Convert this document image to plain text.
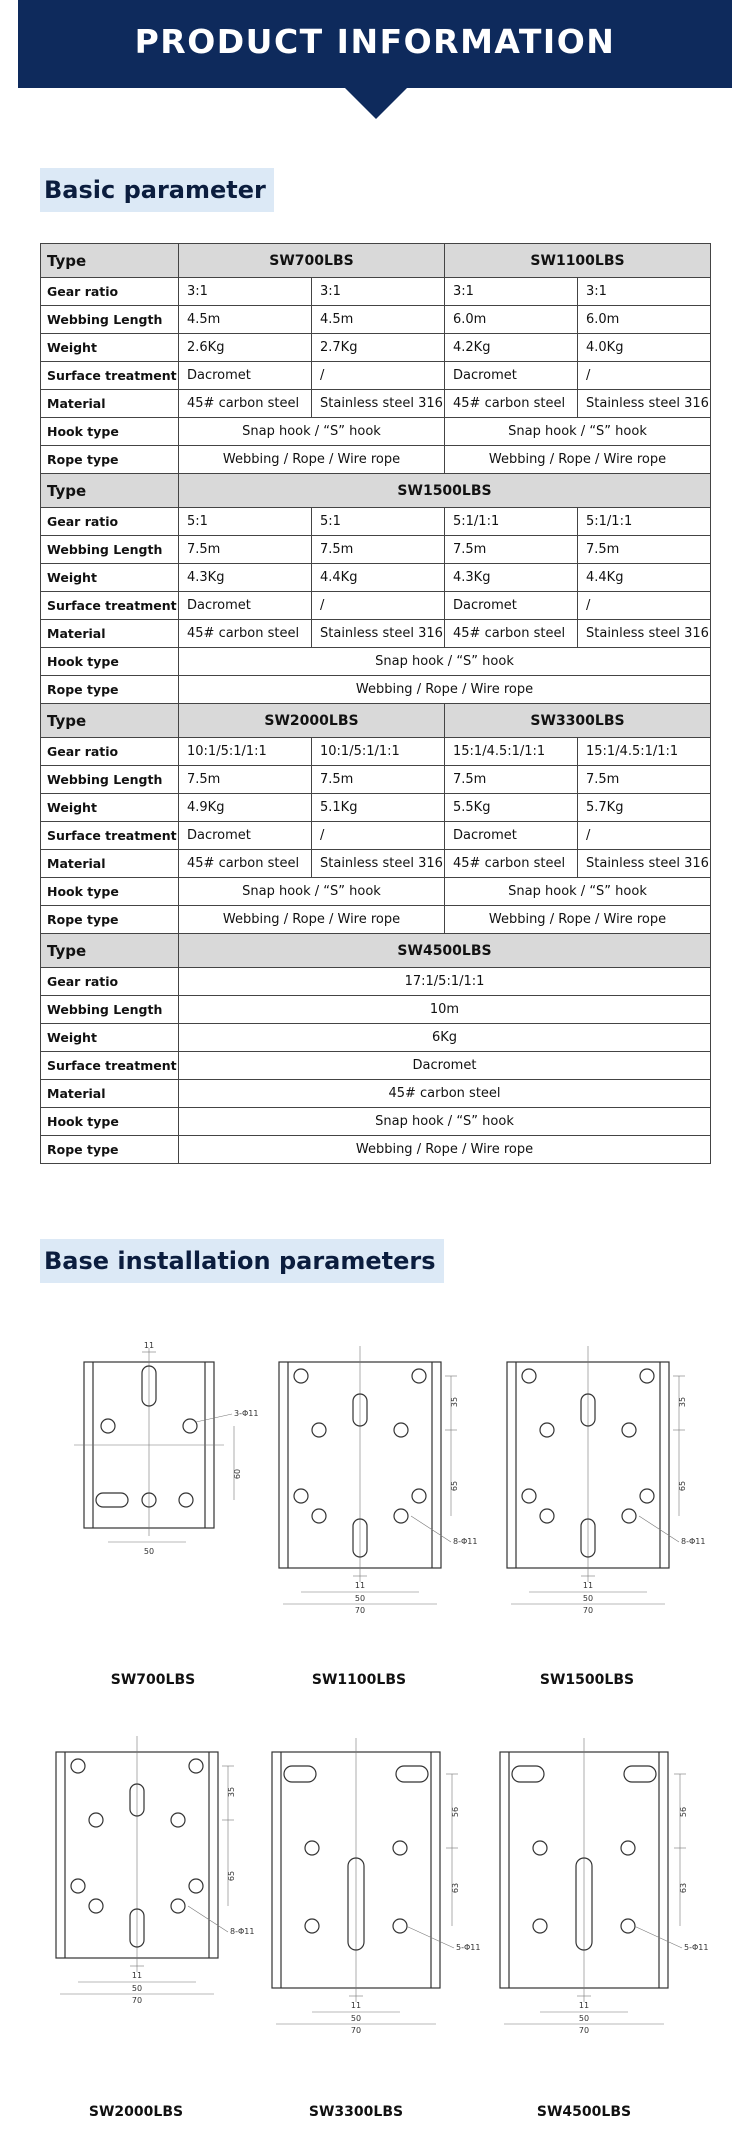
PRODUCT INFORMATION
Basic parameter
Type	SW700LBS		SW1100LBS	
Gear ratio	3:1	3:1	3:1	3:1
Webbing Length	4.5m	4.5m	6.0m	6.0m
Weight	2.6Kg	2.7Kg	4.2Kg	4.0Kg
Surface treatment	Dacromet	/	Dacromet	/
Material	45# carbon steel	Stainless steel 316	45# carbon steel	Stainless steel 316
Hook type	Snap hook / “S” hook		Snap hook / “S” hook	
Rope type	Webbing / Rope / Wire rope		Webbing / Rope / Wire rope	
Type	SW1500LBS			
Gear ratio	5:1	5:1	5:1/1:1	5:1/1:1
Webbing Length	7.5m	7.5m	7.5m	7.5m
Weight	4.3Kg	4.4Kg	4.3Kg	4.4Kg
Surface treatment	Dacromet	/	Dacromet	/
Material	45# carbon steel	Stainless steel 316	45# carbon steel	Stainless steel 316
Hook type	Snap hook / “S” hook			
Rope type	Webbing / Rope / Wire rope			
Type	SW2000LBS		SW3300LBS	
Gear ratio	10:1/5:1/1:1	10:1/5:1/1:1	15:1/4.5:1/1:1	15:1/4.5:1/1:1
Webbing Length	7.5m	7.5m	7.5m	7.5m
Weight	4.9Kg	5.1Kg	5.5Kg	5.7Kg
Surface treatment	Dacromet	/	Dacromet	/
Material	45# carbon steel	Stainless steel 316	45# carbon steel	Stainless steel 316
Hook type	Snap hook / “S” hook		Snap hook / “S” hook	
Rope type	Webbing / Rope / Wire rope		Webbing / Rope / Wire rope	
Type	SW4500LBS			
Gear ratio	17:1/5:1/1:1			
Webbing Length	10m			
Weight	6Kg			
Surface treatment	Dacromet			
Material	45# carbon steel			
Hook type	Snap hook / “S” hook			
Rope type	Webbing / Rope / Wire rope			
Base installation parameters
11
3-Φ11
60
50
35
65
8-Φ11
11
50
70
35
65
8-Φ11
11
50
70
35
65
8-Φ11
11
50
70
56
63
5-Φ11
11
50
70
56
63
5-Φ11
11
50
70
SW700LBS	SW1100LBS	SW1500LBS
SW2000LBS	SW3300LBS	SW4500LBS
